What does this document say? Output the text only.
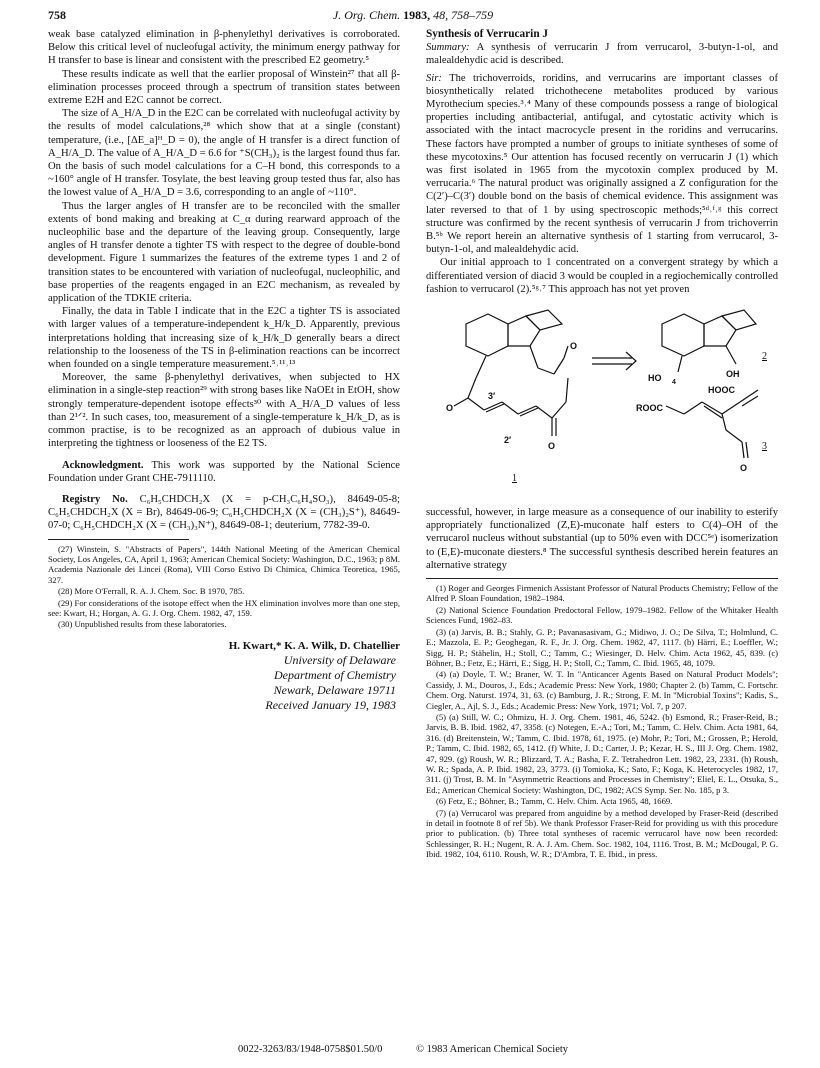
758	J. Org. Chem. 1983, 48, 758–759

weak base catalyzed elimination in β-phenylethyl derivatives is corroborated. Below this critical level of nucleofugal activity, the minimum energy pathway for H transfer to base is linear and consistent with the prescribed E2 geometry.⁵

These results indicate as well that the earlier proposal of Winstein²⁷ that all β-elimination processes proceed through a spectrum of transition states between extreme E2H and E2C cannot be correct.

The size of A_H/A_D in the E2C can be correlated with nucleofugal activity by the results of model calculations,²⁸ which show that at a single (constant) temperature, (i.e., [ΔE_a]ᴴ_D = 0), the angle of H transfer is a direct function of A_H/A_D. The value of A_H/A_D = 6.6 for ⁺S(CH₃)₂ is the largest found thus far. On the basis of such model calculations for a C–H bond, this corresponds to a ~160° angle of H transfer. Tosylate, the best leaving group tested thus far, also has the lowest value of A_H/A_D = 3.6, corresponding to an angle of ~110°.

Thus the larger angles of H transfer are to be reconciled with the smaller extents of bond making and breaking at C_α during rearward approach of the nucleophilic base and the departure of the leaving group. Consequently, large angles of H transfer denote a tighter TS with respect to the degree of double-bond development. Figure 1 summarizes the features of the extreme types 1 and 2 of transition states to be encountered with variation of nucleofugal, nucleophilic, and base properties of the reagents engaged in an E2C mechanism, as revealed by application of the TDKIE criteria.

Finally, the data in Table I indicate that in the E2C a tighter TS is associated with larger values of a temperature-independent k_H/k_D. Apparently, previous interpretations holding that increasing size of k_H/k_D generally bears a direct relationship to the looseness of the TS in β-elimination reactions can be incorrect when founded on a single temperature measurement.⁵˒¹¹˒¹³

Moreover, the same β-phenylethyl derivatives, when subjected to HX elimination in a single-step reaction²⁹ with strong bases like NaOEt in EtOH, show strongly temperature-dependent isotope effects³⁰ with A_H/A_D values of less than 2¹ᐟ². In such cases, too, measurement of a single-temperature k_H/k_D, as is common practise, is to be recognized as an approach of dubious value in interpreting the tightness or looseness of the E2 TS.

Acknowledgment. This work was supported by the National Science Foundation under Grant CHE-7911110.

Registry No. C₆H₅CHDCH₂X (X = p-CH₃C₆H₄SO₃), 84649-05-8; C₆H₅CHDCH₂X (X = Br), 84649-06-9; C₆H₅CHDCH₂X (X = (CH₃)₂S⁺), 84649-07-0; C₆H₅CHDCH₂X (X = (CH₃)₃N⁺), 84649-08-1; deuterium, 7782-39-0.

(27) Winstein, S. "Abstracts of Papers", 144th National Meeting of the American Chemical Society, Los Angeles, CA, April 1, 1963; American Chemical Society: Washington, D.C., 1963; p 8M. Academia Nazionale dei Lincei (Roma), VIII Corso Estivo Di Chimica, Chimica Teoretica, 1965, 327.

(28) More O'Ferrall, R. A. J. Chem. Soc. B 1970, 785.

(29) For considerations of the isotope effect when the HX elimination involves more than one step, see: Kwart, H.; Horgan, A. G. J. Org. Chem. 1982, 47, 159.

(30) Unpublished results from these laboratories.

H. Kwart,* K. A. Wilk, D. Chatellier
University of Delaware
Department of Chemistry
Newark, Delaware 19711
Received January 19, 1983

Synthesis of Verrucarin J

Summary: A synthesis of verrucarin J from verrucarol, 3-butyn-1-ol, and malealdehydic acid is described.

Sir: The trichoverroids, roridins, and verrucarins are important classes of biosynthetically related trichothecene metabolites produced by various Myrothecium species.³˒⁴ Many of these compounds possess a range of biological properties including antibacterial, antifugal, and cytostatic activity which is associated with the intact macrocycle present in the roridins and verrucarins. These factors have prompted a number of groups to initiate syntheses of some of these mycotoxins.⁵ Our attention has focused recently on verrucarin J (1) which was first isolated in 1965 from the mycotoxin complex produced by M. verrucaria.⁶ The natural product was originally assigned a Z configuration for the C(2′)–C(3′) double bond on the basis of chemical evidence. This assignment was later reversed to that of 1 by using spectroscopic methods;⁵ᵈ˒ᶠ˒ᵍ this correct structure was confirmed by the recent synthesis of verrucarin J from trichoverrin B.⁵ᵇ We report herein an alternative synthesis of 1 starting from verrucarol, 3-butyn-1-ol, and malealdehydic acid.

Our initial approach to 1 concentrated on a convergent strategy by which a differentiated version of diacid 3 would be coupled in a regiochemically controlled fashion to verrucarol (2).⁵ᵍ˒⁷ This approach has not yet proven

2′
3′
O
O
O
HO 4
OH
HOOC
ROOC
O
2
3
1

successful, however, in large measure as a consequence of our inability to esterify appropriately functionalized (Z,E)-muconate half esters to C(4)–OH of the verrucarol nucleus without substantial (up to 50% even with DCC⁵ᵉ) isomerization to (E,E)-muconate diesters.⁸ The successful synthesis described herein features an alternative strategy

(1) Roger and Georges Firmenich Assistant Professor of Natural Products Chemistry; Fellow of the Alfred P. Sloan Foundation, 1982–1984.

(2) National Science Foundation Predoctoral Fellow, 1979–1982. Fellow of the Whitaker Health Sciences Fund, 1982–83.

(3) (a) Jarvis, B. B.; Stahly, G. P.; Pavanasasivam, G.; Midiwo, J. O.; De Silva, T.; Holmlund, C. E.; Mazzola, E. P.; Geoghegan, R. F., Jr. J. Org. Chem. 1982, 47, 1117. (b) Härri, E.; Loeffler, W.; Sigg, H. P.; Stähelin, H.; Stoll, C.; Tamm, C.; Wiesinger, D. Helv. Chim. Acta 1962, 45, 839. (c) Böhner, B.; Fetz, E.; Härri, E.; Sigg, H. P.; Stoll, C.; Tamm, C. Ibid. 1965, 48, 1079.

(4) (a) Doyle, T. W.; Braner, W. T. In "Anticancer Agents Based on Natural Product Models"; Cassidy, J. M., Douros, J., Eds.; Academic Press: New York, 1980; Chapter 2. (b) Tamm, C. Fortschr. Chem. Org. Naturst. 1974, 31, 63. (c) Bamburg, J. R.; Strong, F. M. In "Microbial Toxins"; Kadis, S., Ciegler, A., Ajl, S. J., Eds.; Academic Press: New York, 1971; Vol. 7, p 207.

(5) (a) Still, W. C.; Ohmizu, H. J. Org. Chem. 1981, 46, 5242. (b) Esmond, R.; Fraser-Reid, B.; Jarvis, B. B. Ibid. 1982, 47, 3358. (c) Notegen, E.-A.; Tori, M.; Tamm, C. Helv. Chim. Acta 1981, 64, 316. (d) Breitenstein, W.; Tamm, C. Ibid. 1978, 61, 1975. (e) Mohr, P.; Tori, M.; Grossen, P.; Herold, P.; Tamm, C. Ibid. 1982, 65, 1412. (f) White, J. D.; Carter, J. P.; Kezar, H. S., III J. Org. Chem. 1982, 47, 929. (g) Roush, W. R.; Blizzard, T. A.; Basha, F. Z. Tetrahedron Lett. 1982, 23, 2331. (h) Roush, W. R.; Spada, A. P. Ibid. 1982, 23, 3773. (i) Tomioka, K.; Sato, F.; Koga, K. Heterocycles 1982, 17, 311. (j) Trost, B. M. In "Asymmetric Reactions and Processes in Chemistry"; Eliel, E. L., Otsuka, S., Ed.; American Chemical Society: Washington, DC, 1982; ACS Symp. Ser. No. 185, p 3.

(6) Fetz, E.; Böhner, B.; Tamm, C. Helv. Chim. Acta 1965, 48, 1669.

(7) (a) Verrucarol was prepared from anguidine by a method developed by Fraser-Reid (described in detail in footnote 8 of ref 5b). We thank Professor Fraser-Reid for providing us with this procedure prior to publication. (b) Three total syntheses of racemic verrucarol have now been recorded: Schlessinger, R. H.; Nugent, R. A. J. Am. Chem. Soc. 1982, 104, 1116. Trost, B. M.; McDougal, P. G. Ibid. 1982, 104, 6110. Roush, W. R.; D'Ambra, T. E. Ibid., in press.

0022-3263/83/1948-0758$01.50/0	© 1983 American Chemical Society
